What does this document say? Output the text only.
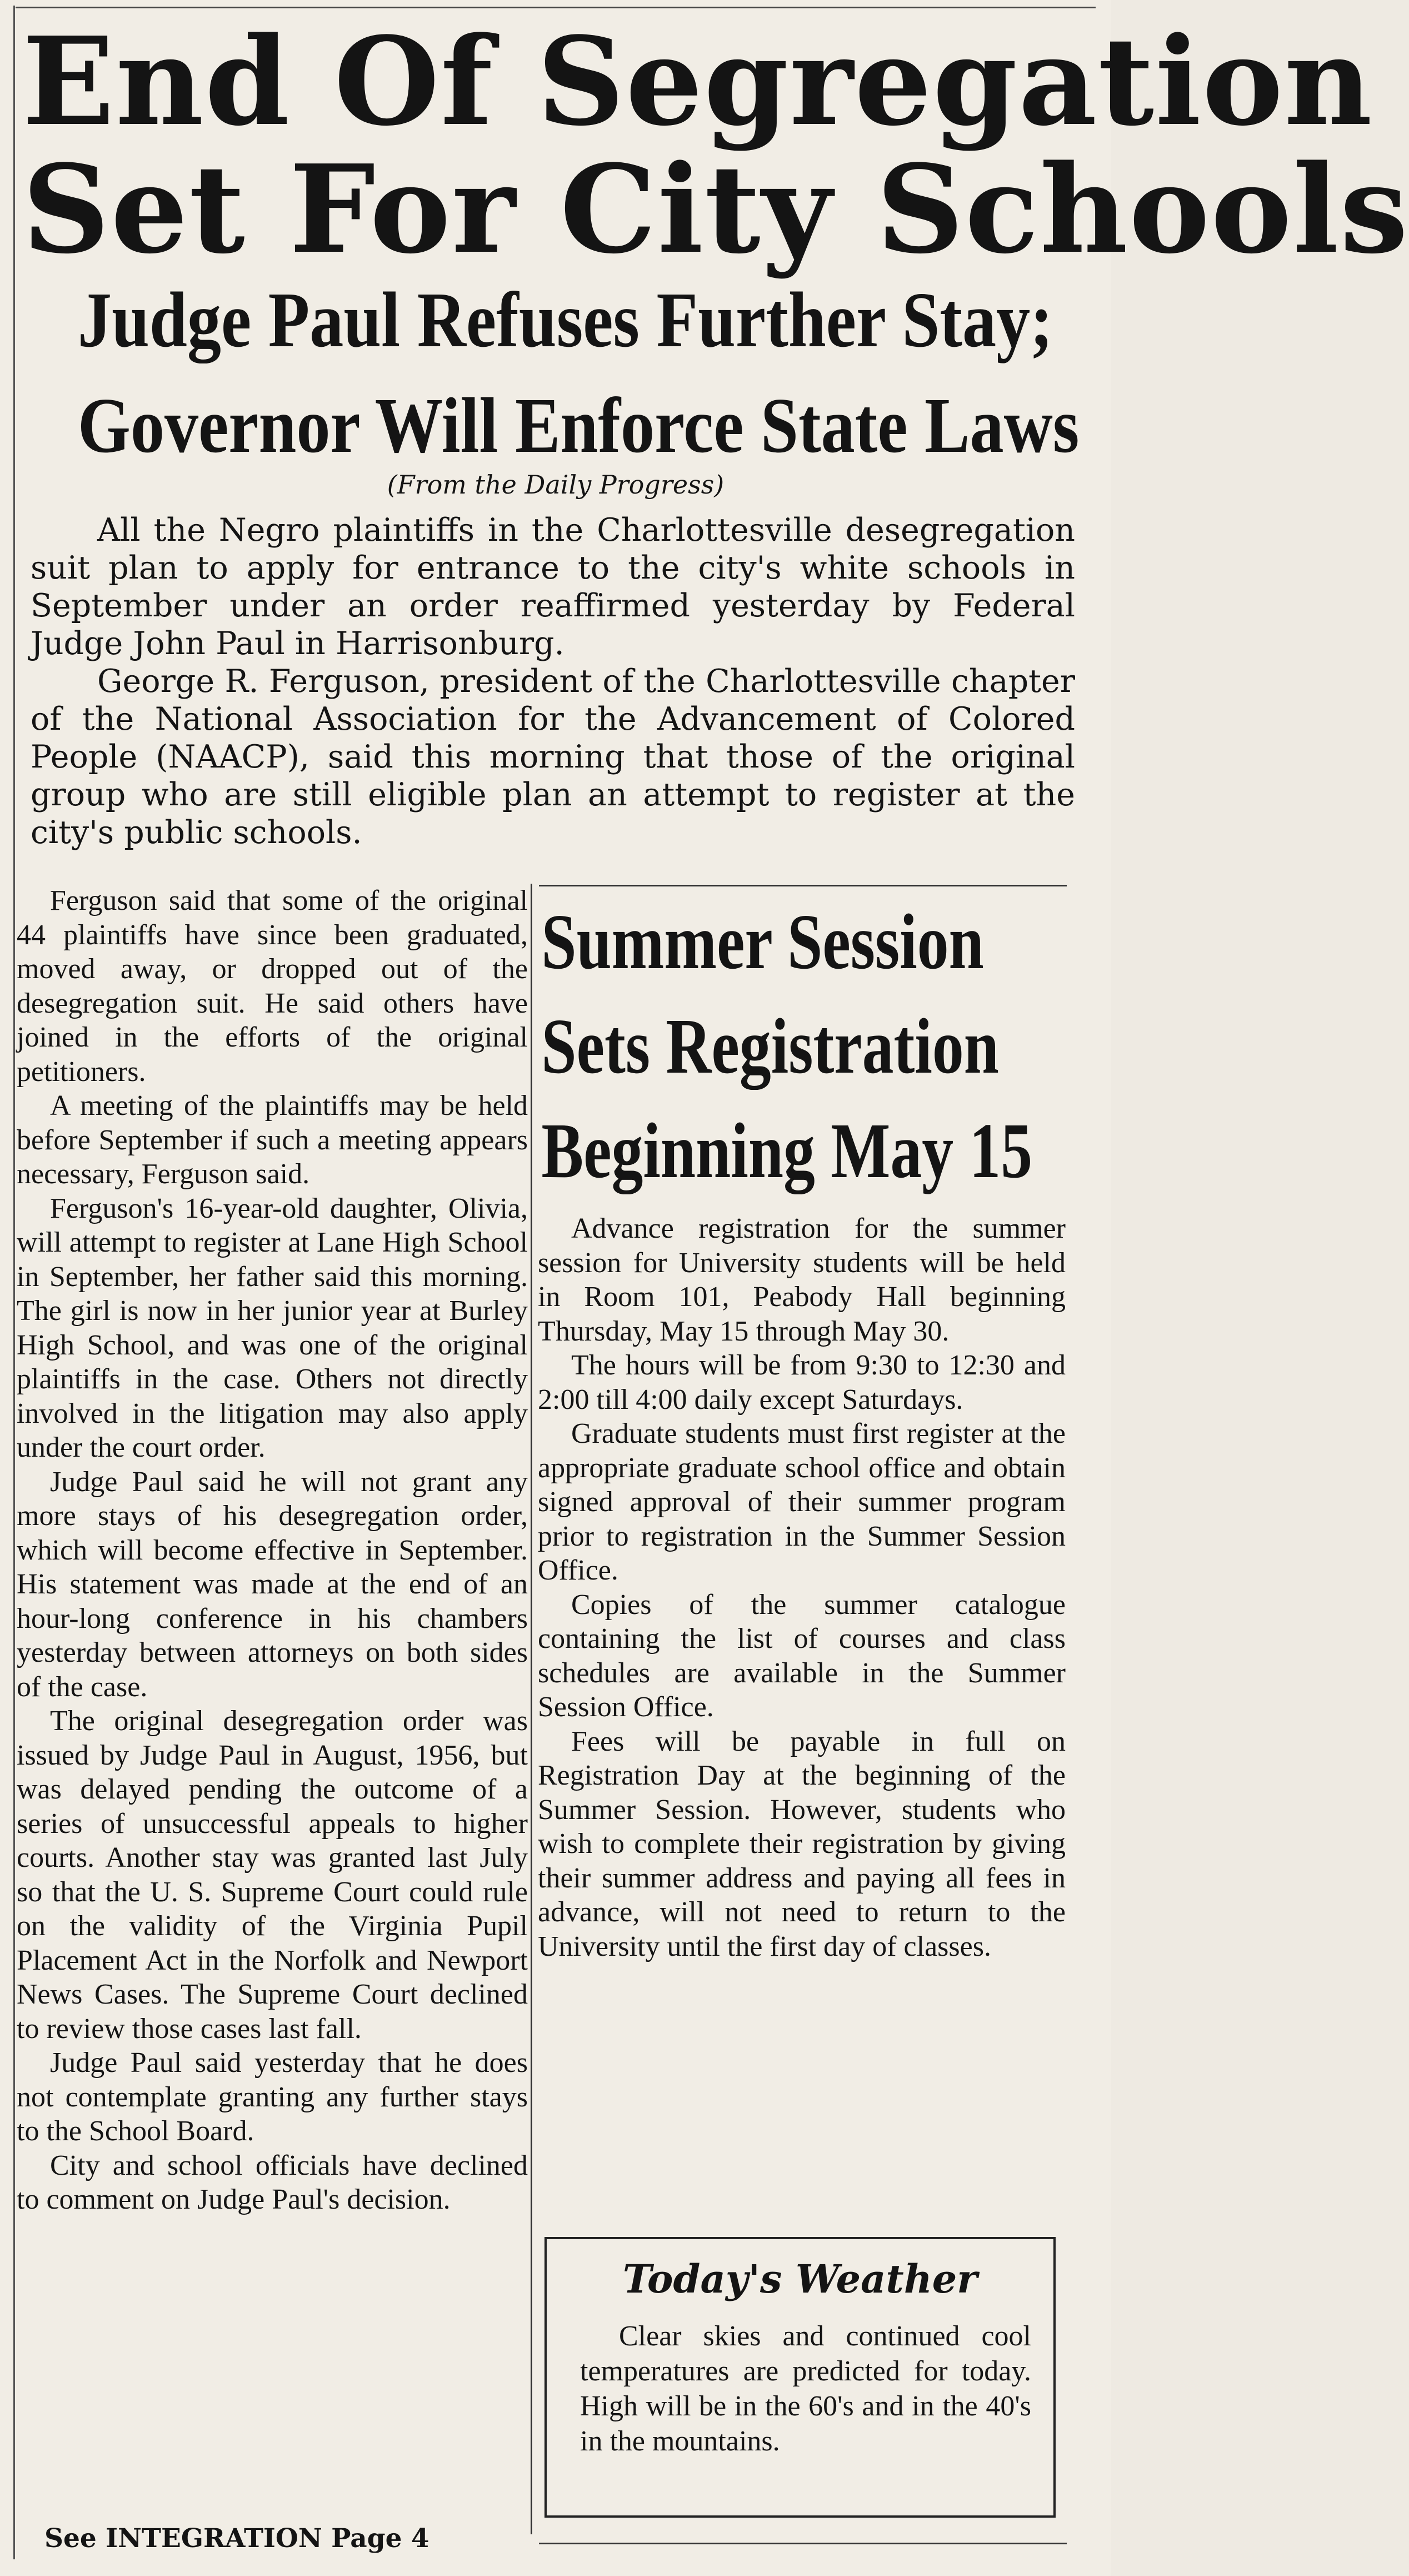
End Of Segregation
Set For City Schools
Judge Paul Refuses Further Stay;
Governor Will Enforce State Laws
(From the Daily Progress)

All the Negro plaintiffs in the Charlottesville desegregation suit plan to apply for entrance to the city's white schools in September under an order reaffirmed yesterday by Federal Judge John Paul in Harrisonburg.

George R. Ferguson, president of the Charlottesville chapter of the National Association for the Advancement of Colored People (NAACP), said this morning that those of the original group who are still eligible plan an attempt to register at the city's public schools.

Ferguson said that some of the original 44 plaintiffs have since been graduated, moved away, or dropped out of the desegregation suit. He said others have joined in the efforts of the original petitioners.

A meeting of the plaintiffs may be held before September if such a meeting appears necessary, Ferguson said.

Ferguson's 16-year-old daughter, Olivia, will attempt to register at Lane High School in September, her father said this morning. The girl is now in her junior year at Burley High School, and was one of the original plaintiffs in the case. Others not directly involved in the litigation may also apply under the court order.

Judge Paul said he will not grant any more stays of his desegregation order, which will become effective in September. His statement was made at the end of an hour-long conference in his chambers yesterday between attorneys on both sides of the case.

The original desegregation order was issued by Judge Paul in August, 1956, but was delayed pending the outcome of a series of unsuccessful appeals to higher courts. Another stay was granted last July so that the U. S. Supreme Court could rule on the validity of the Virginia Pupil Placement Act in the Norfolk and Newport News Cases. The Supreme Court declined to review those cases last fall.

Judge Paul said yesterday that he does not contemplate granting any further stays to the School Board.

City and school officials have declined to comment on Judge Paul's decision.

See INTEGRATION Page 4
Summer Session
Sets Registration
Beginning May 15

Advance registration for the summer session for University students will be held in Room 101, Peabody Hall beginning Thursday, May 15 through May 30.

The hours will be from 9:30 to 12:30 and 2:00 till 4:00 daily except Saturdays.

Graduate students must first register at the appropriate graduate school office and obtain signed approval of their summer program prior to registration in the Summer Session Office.

Copies of the summer catalogue containing the list of courses and class schedules are available in the Summer Session Office.

Fees will be payable in full on Registration Day at the beginning of the Summer Session. However, students who wish to complete their registration by giving their summer address and paying all fees in advance, will not need to return to the University until the first day of classes.

Today's Weather
Clear skies and continued cool temperatures are predicted for today. High will be in the 60's and in the 40's in the mountains.
